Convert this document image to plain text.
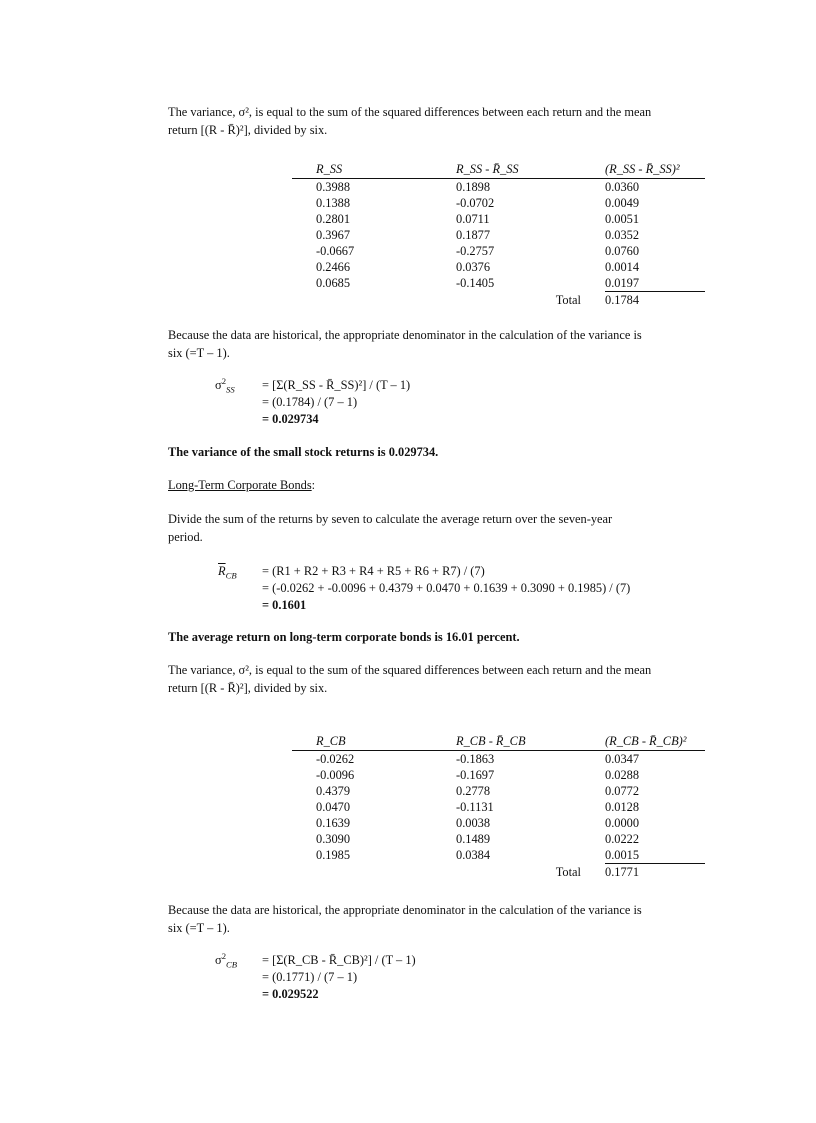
The variance, σ², is equal to the sum of the squared differences between each return and the mean
return [(R - R̄)²], divided by six.
R_SS	R_SS - R̄_SS	(R_SS - R̄_SS)²
0.3988	0.1898	0.0360
0.1388	-0.0702	0.0049
0.2801	0.0711	0.0051
0.3967	0.1877	0.0352
-0.0667	-0.2757	0.0760
0.2466	0.0376	0.0014
0.0685	-0.1405	0.0197
	Total	0.1784
Because the data are historical, the appropriate denominator in the calculation of the variance is
six (=T – 1).
$\sigma^2_{SS}$ = [Σ(R_SS - R̄_SS)²] / (T – 1)
= (0.1784) / (7 – 1)
= 0.029734
The variance of the small stock returns is 0.029734.
Long-Term Corporate Bonds:
Divide the sum of the returns by seven to calculate the average return over the seven-year
period.
$\overline{R}_{CB} = (R1 + R2 + R3 + R4 + R5 + R6 + R7) / (7)$
= (-0.0262 + -0.0096 + 0.4379 + 0.0470 + 0.1639 + 0.3090 + 0.1985) / (7)
= 0.1601
The average return on long-term corporate bonds is 16.01 percent.
The variance, σ², is equal to the sum of the squared differences between each return and the mean
return [(R - R̄)²], divided by six.
R_CB	R_CB - R̄_CB	(R_CB - R̄_CB)²
-0.0262	-0.1863	0.0347
-0.0096	-0.1697	0.0288
0.4379	0.2778	0.0772
0.0470	-0.1131	0.0128
0.1639	0.0038	0.0000
0.3090	0.1489	0.0222
0.1985	0.0384	0.0015
	Total	0.1771
Because the data are historical, the appropriate denominator in the calculation of the variance is
six (=T – 1).
$\sigma^2_{CB}$ = [Σ(R_CB - R̄_CB)²] / (T – 1)
= (0.1771) / (7 – 1)
= 0.029522
